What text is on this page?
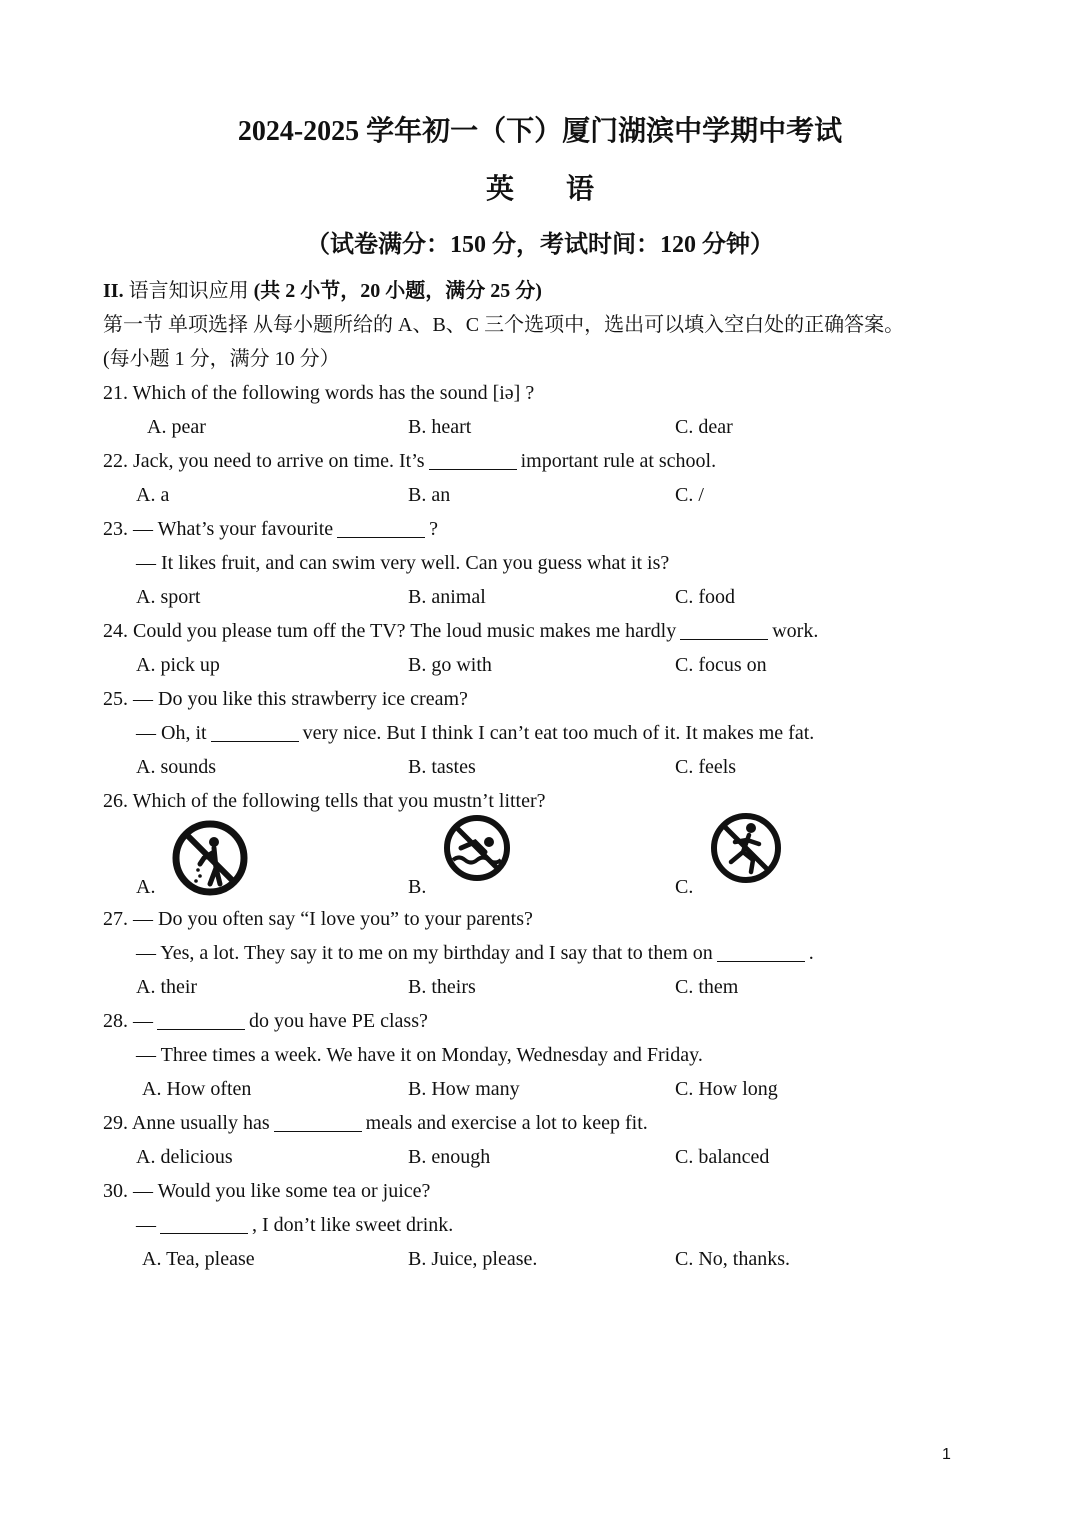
2024-2025 学年初一（下）厦门湖滨中学期中考试
英 语
（试卷满分：150 分，考试时间：120 分钟）
II. 语言知识应用 (共 2 小节，20 小题，满分 25 分)
第一节 单项选择 从每小题所给的 A、B、C 三个选项中，选出可以填入空白处的正确答案。
(每小题 1 分，满分 10 分）
21. Which of the following words has the sound [iə] ?
A. pear	B. heart	C. dear
22. Jack, you need to arrive on time. It’s	important rule at school.
A. a	B. an	C. /
23. — What’s your favourite	?
— It likes fruit, and can swim very well. Can you guess what it is?
A. sport	B. animal	C. food
24. Could you please tum off the TV? The loud music makes me hardly	work.
A. pick up	B. go with	C. focus on
25. — Do you like this strawberry ice cream?
— Oh, it	very nice. But I think I can’t eat too much of it. It makes me fat.
A. sounds	B. tastes	C. feels
26. Which of the following tells that you mustn’t litter?
A.	B.	C.
27. — Do you often say “I love you” to your parents?
— Yes, a lot. They say it to me on my birthday and I say that to them on	.
A. their	B. theirs	C. them
28. —	do you have PE class?
— Three times a week. We have it on Monday, Wednesday and Friday.
A. How often	B. How many	C. How long
29. Anne usually has	meals and exercise a lot to keep fit.
A. delicious	B. enough	C. balanced
30. — Would you like some tea or juice?
—	, I don’t like sweet drink.
A. Tea, please	B. Juice, please.	C. No, thanks.
1
